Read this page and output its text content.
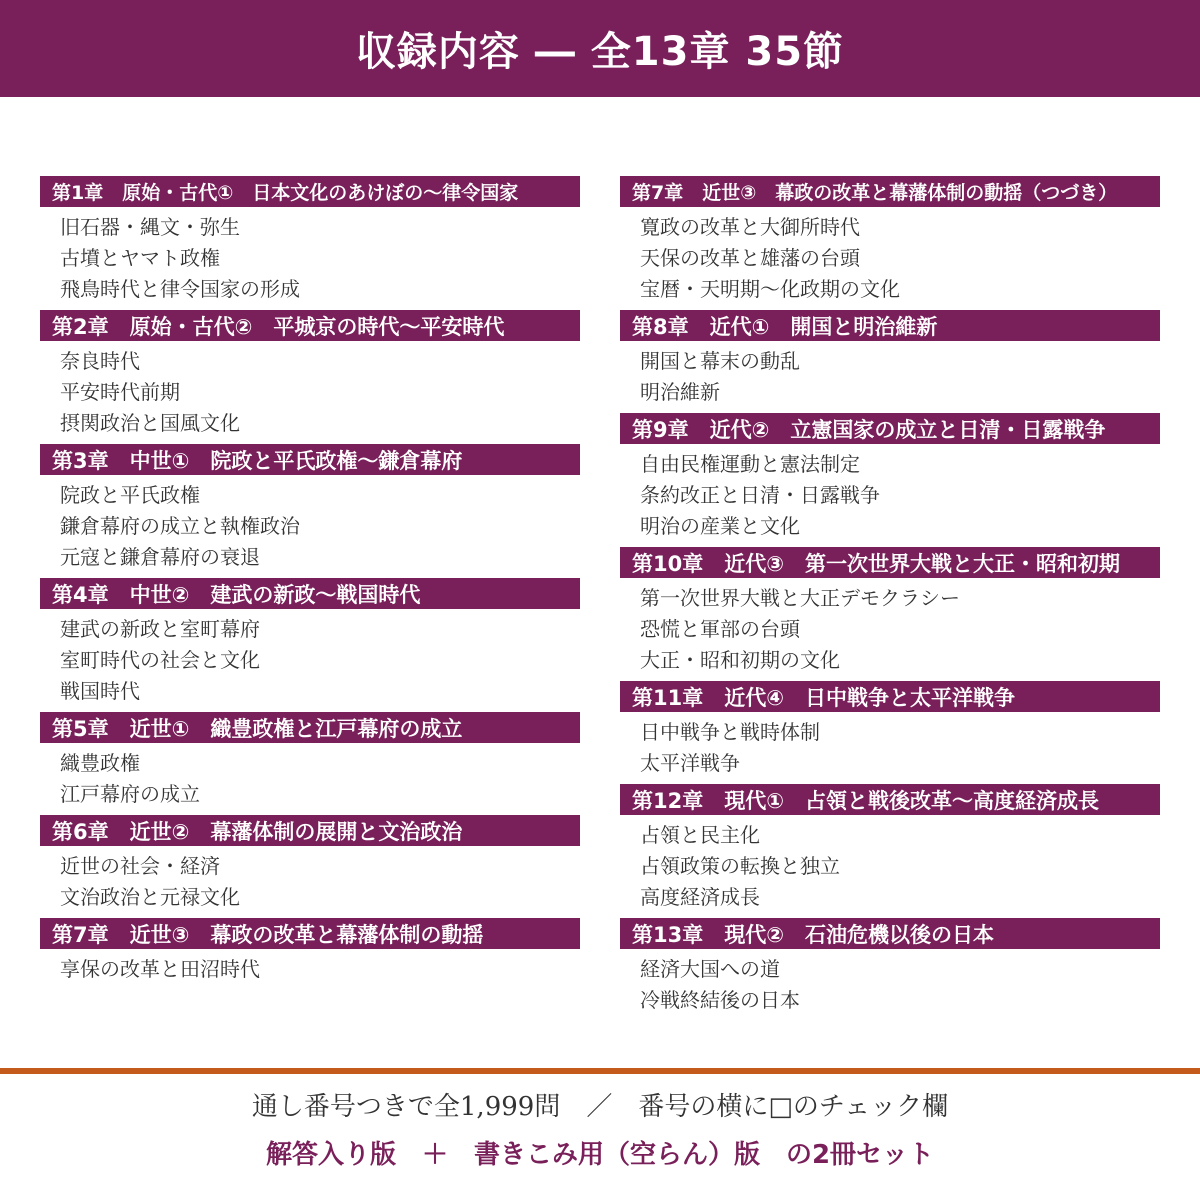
収録内容 ― 全13章 35節
第1章　原始・古代①　日本文化のあけぼの～律令国家
旧石器・縄文・弥生
古墳とヤマト政権
飛鳥時代と律令国家の形成
第2章　原始・古代②　平城京の時代～平安時代
奈良時代
平安時代前期
摂関政治と国風文化
第3章　中世①　院政と平氏政権～鎌倉幕府
院政と平氏政権
鎌倉幕府の成立と執権政治
元寇と鎌倉幕府の衰退
第4章　中世②　建武の新政～戦国時代
建武の新政と室町幕府
室町時代の社会と文化
戦国時代
第5章　近世①　織豊政権と江戸幕府の成立
織豊政権
江戸幕府の成立
第6章　近世②　幕藩体制の展開と文治政治
近世の社会・経済
文治政治と元禄文化
第7章　近世③　幕政の改革と幕藩体制の動揺
享保の改革と田沼時代
第7章　近世③　幕政の改革と幕藩体制の動揺（つづき）
寛政の改革と大御所時代
天保の改革と雄藩の台頭
宝暦・天明期～化政期の文化
第8章　近代①　開国と明治維新
開国と幕末の動乱
明治維新
第9章　近代②　立憲国家の成立と日清・日露戦争
自由民権運動と憲法制定
条約改正と日清・日露戦争
明治の産業と文化
第10章　近代③　第一次世界大戦と大正・昭和初期
第一次世界大戦と大正デモクラシー
恐慌と軍部の台頭
大正・昭和初期の文化
第11章　近代④　日中戦争と太平洋戦争
日中戦争と戦時体制
太平洋戦争
第12章　現代①　占領と戦後改革～高度経済成長
占領と民主化
占領政策の転換と独立
高度経済成長
第13章　現代②　石油危機以後の日本
経済大国への道
冷戦終結後の日本
通し番号つきで全1,999問　／　番号の横に□のチェック欄
解答入り版　＋　書きこみ用（空らん）版　の2冊セット
